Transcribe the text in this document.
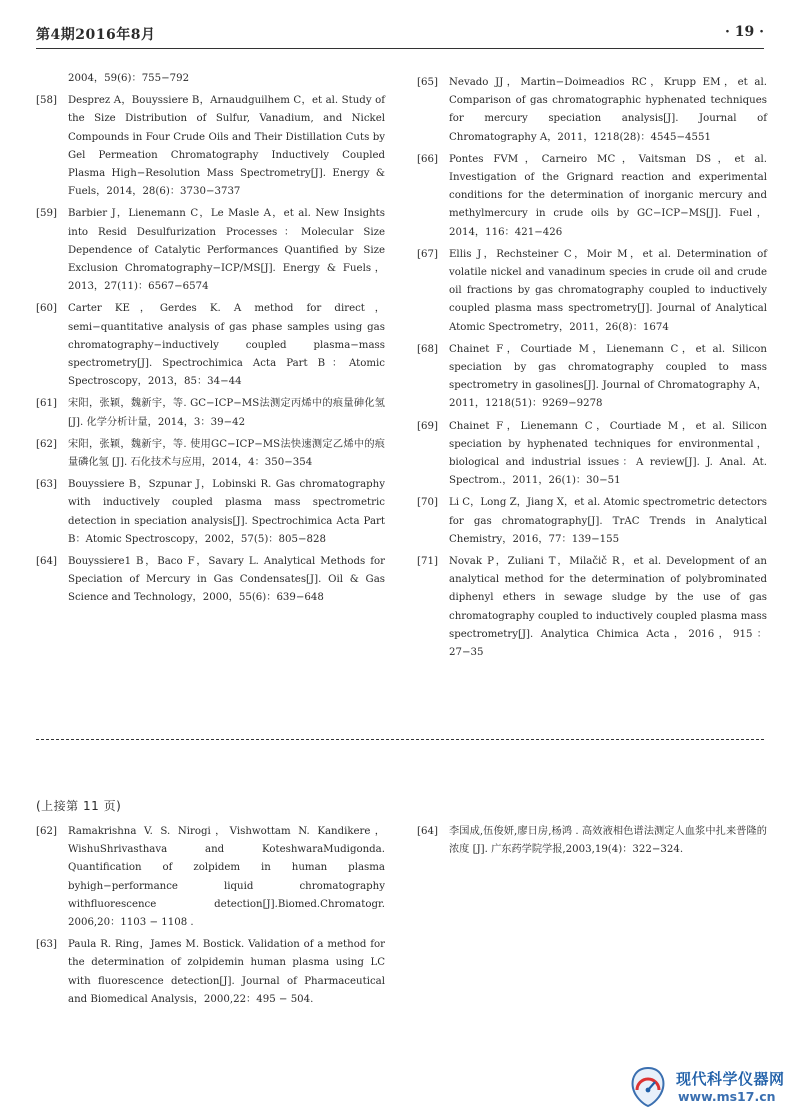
第4期2016年8月	· 19 ·
2004，59(6)：755−792
[58] Desprez A，Bouyssiere B，Arnaudguilhem C，et al. Study of the Size Distribution of Sulfur, Vanadium, and Nickel Compounds in Four Crude Oils and Their Distillation Cuts by Gel Permeation Chromatography Inductively Coupled Plasma High−Resolution Mass Spectrometry[J]. Energy & Fuels，2014，28(6)：3730−3737
[59] Barbier J，Lienemann C，Le Masle A，et al. New Insights into Resid Desulfurization Processes：Molecular Size Dependence of Catalytic Performances Quantified by Size Exclusion Chromatography−ICP/MS[J]. Energy & Fuels，2013，27(11)：6567−6574
[60] Carter KE，Gerdes K. A method for direct，semi−quantitative analysis of gas phase samples using gas chromatography−inductively coupled plasma−mass spectrometry[J]. Spectrochimica Acta Part B：Atomic Spectroscopy，2013，85：34−44
[61] 宋阳，张颖，魏新宇，等. GC−ICP−MS法测定丙烯中的痕量砷化氢 [J]. 化学分析计量，2014，3：39−42
[62] 宋阳，张颖，魏新宇，等. 使用GC−ICP−MS法快速测定乙烯中的痕量磷化氢 [J]. 石化技术与应用，2014，4：350−354
[63] Bouyssiere B，Szpunar J，Lobinski R. Gas chromatography with inductively coupled plasma mass spectrometric detection in speciation analysis[J]. Spectrochimica Acta Part B：Atomic Spectroscopy，2002，57(5)：805−828
[64] Bouyssiere1 B，Baco F，Savary L. Analytical Methods for Speciation of Mercury in Gas Condensates[J]. Oil & Gas Science and Technology，2000，55(6)：639−648
[65] Nevado JJ，Martin−Doimeadios RC，Krupp EM，et al. Comparison of gas chromatographic hyphenated techniques for mercury speciation analysis[J]. Journal of Chromatography A，2011，1218(28)：4545−4551
[66] Pontes FVM，Carneiro MC，Vaitsman DS，et al. Investigation of the Grignard reaction and experimental conditions for the determination of inorganic mercury and methylmercury in crude oils by GC−ICP−MS[J]. Fuel，2014，116：421−426
[67] Ellis J，Rechsteiner C，Moir M，et al. Determination of volatile nickel and vanadinum species in crude oil and crude oil fractions by gas chromatography coupled to inductively coupled plasma mass spectrometry[J]. Journal of Analytical Atomic Spectrometry，2011，26(8)：1674
[68] Chainet F，Courtiade M，Lienemann C，et al. Silicon speciation by gas chromatography coupled to mass spectrometry in gasolines[J]. Journal of Chromatography A，2011，1218(51)：9269−9278
[69] Chainet F，Lienemann C，Courtiade M，et al. Silicon speciation by hyphenated techniques for environmental，biological and industrial issues：A review[J]. J. Anal. At. Spectrom.，2011，26(1)：30−51
[70] Li C，Long Z，Jiang X，et al. Atomic spectrometric detectors for gas chromatography[J]. TrAC Trends in Analytical Chemistry，2016，77：139−155
[71] Novak P，Zuliani T，Milačič R，et al. Development of an analytical method for the determination of polybrominated diphenyl ethers in sewage sludge by the use of gas chromatography coupled to inductively coupled plasma mass spectrometry[J]. Analytica Chimica Acta，2016，915：27−35
(上接第 11 页)
[62] Ramakrishna V. S. Nirogi，Vishwottam N. Kandikere，WishuShrivasthava and KoteshwaraMudigonda. Quantification of zolpidem in human plasma byhigh−performance liquid chromatography withfluorescence detection[J].Biomed.Chromatogr. 2006,20：1103 − 1108 .
[63] Paula R. Ring，James M. Bostick. Validation of a method for the determination of zolpidemin human plasma using LC with fluorescence detection[J]. Journal of Pharmaceutical and Biomedical Analysis，2000,22：495 − 504.
[64] 李国成,伍俊妍,廖日房,杨鸿 . 高效液相色谱法测定人血浆中扎来普隆的浓度 [J]. 广东药学院学报,2003,19(4)：322−324.
现代科学仪器网
www.ms17.cn
